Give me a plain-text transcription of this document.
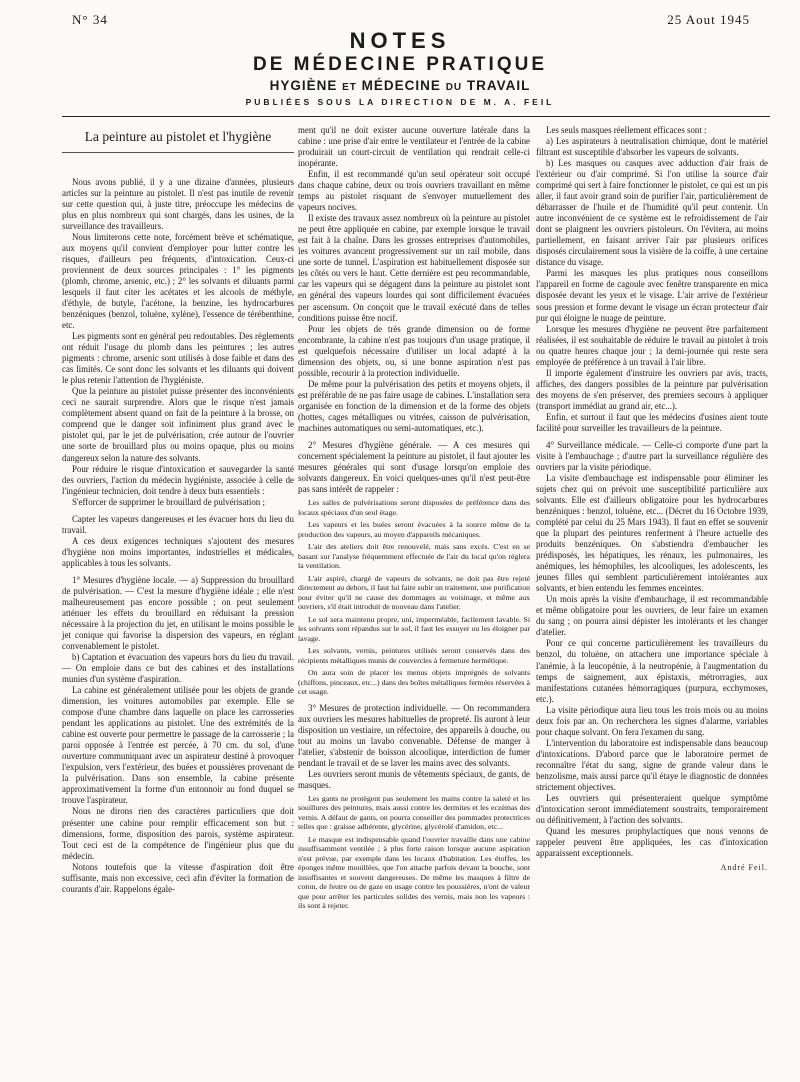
N° 34	25 Aout 1945
NOTES
DE MÉDECINE PRATIQUE
HYGIÈNE ET MÉDECINE DU TRAVAIL
PUBLIÉES SOUS LA DIRECTION DE M. A. FEIL
La peinture au pistolet et l'hygiène

Nous avons publié, il y a une dizaine d'années, plusieurs articles sur la peinture au pistolet. Il n'est pas inutile de revenir sur cette question qui, à juste titre, préoccupe les médecins de plus en plus nombreux qui sont chargés, dans les usines, de la surveillance des travailleurs.

Nous limiterons cette note, forcément brève et schématique, aux moyens qu'il convient d'employer pour lutter contre les risques, d'ailleurs peu fréquents, d'intoxication. Ceux-ci proviennent de deux sources principales : 1° les pigments (plomb, chrome, arsenic, etc.) ; 2° les solvants et diluants parmi lesquels il faut citer les acétates et les alcools de méthyle, d'éthyle, de butyle, l'acétone, la benzine, les hydrocarbures benzéniques (benzol, toluène, xylène), l'essence de térébenthine, etc.

Les pigments sont en général peu redoutables. Des règlements ont réduit l'usage du plomb dans les peintures ; les autres pigments : chrome, arsenic sont utilisés à dose faible et dans des cas limités. Ce sont donc les solvants et les diluants qui doivent le plus retenir l'attention de l'hygiéniste.

Que la peinture au pistolet puisse présenter des inconvénients ceci ne saurait surprendre. Alors que le risque n'est jamais complètement absent quand on fait de la peinture à la brosse, on comprend que le danger soit infiniment plus grand avec le pistolet qui, par le jet de pulvérisation, crée autour de l'ouvrier une sorte de brouillard plus ou moins opaque, plus ou moins dangereux selon la nature des solvants.

Pour réduire le risque d'intoxication et sauvegarder la santé des ouvriers, l'action du médecin hygiéniste, associée à celle de l'ingénieur technicien, doit tendre à deux buts essentiels :

S'efforcer de supprimer le brouillard de pulvérisation ;

Capter les vapeurs dangereuses et les évacuer hors du lieu du travail.

A ces deux exigences techniques s'ajoutent des mesures d'hygiène non moins importantes, industrielles et médicales, applicables à tous les solvants.

1° Mesures d'hygiène locale. — a) Suppression du brouillard de pulvérisation. — C'est la mesure d'hygiène idéale ; elle n'est malheureusement pas encore possible ; on peut seulement atténuer les effets du brouillard en réduisant la pression nécessaire à la projection du jet, en utilisant le moins possible le jet conique qui favorise la dispersion des vapeurs, en réglant convenablement le pistolet.

b) Captation et évacuation des vapeurs hors du lieu du travail. — On emploie dans ce but des cabines et des installations munies d'un système d'aspiration.

La cabine est généralement utilisée pour les objets de grande dimension, les voitures automobiles par exemple. Elle se compose d'une chambre dans laquelle on place les carrosseries pendant les applications au pistolet. Une des extrémités de la cabine est ouverte pour permettre le passage de la carrosserie ; la paroi opposée à l'entrée est percée, à 70 cm. du sol, d'une ouverture communiquant avec un aspirateur destiné à provoquer l'expulsion, vers l'extérieur, des buées et poussières provenant de la pulvérisation. Dans son ensemble, la cabine présente approximativement la forme d'un entonnoir au fond duquel se trouve l'aspirateur.

Nous ne dirons rien des caractères particuliers que doit présenter une cabine pour remplir efficacement son but : dimensions, forme, disposition des parois, système aspirateur. Tout ceci est de la compétence de l'ingénieur plus que du médecin.

Notons toutefois que la vitesse d'aspiration doit être suffisante, mais non excessive, ceci afin d'éviter la formation de courants d'air. Rappelons égale-

ment qu'il ne doit exister aucune ouverture latérale dans la cabine : une prise d'air entre le ventilateur et l'entrée de la cabine produirait un court-circuit de ventilation qui rendrait celle-ci inopérante.

Enfin, il est recommandé qu'un seul opérateur soit occupé dans chaque cabine, deux ou trois ouvriers travaillant en même temps au pistolet risquant de s'envoyer mutuellement des vapeurs nocives.

Il existe des travaux assez nombreux où la peinture au pistolet ne peut être appliquée en cabine, par exemple lorsque le travail est fait à la chaîne. Dans les grosses entreprises d'automobiles, les voitures avancent progressivement sur un rail mobile, dans une sorte de tunnel. L'aspiration est habituellement disposée sur les côtés ou vers le haut. Cette dernière est peu recommandable, car les vapeurs qui se dégagent dans la peinture au pistolet sont en général des vapeurs lourdes qui sont difficilement évacuées per ascensum. On conçoit que le travail exécuté dans de telles conditions puisse être nocif.

Pour les objets de très grande dimension ou de forme encombrante, la cabine n'est pas toujours d'un usage pratique, il est quelquefois nécessaire d'utiliser un local adapté à la dimension des objets, ou, si une bonne aspiration n'est pas possible, recourir à la protection individuelle.

De même pour la pulvérisation des petits et moyens objets, il est préférable de ne pas faire usage de cabines. L'installation sera organisée en fonction de la dimension et de la forme des objets (hottes, cages métalliques ou vitrées, caisson de pulvérisation, machines automatiques ou semi-automatiques, etc.).

2° Mesures d'hygiène générale. — A ces mesures qui concernent spécialement la peinture au pistolet, il faut ajouter les mesures générales qui sont d'usage lorsqu'on emploie des solvants dangereux. En voici quelques-unes qu'il n'est peut-être pas sans intérêt de rappeler :

Les salles de pulvérisations seront disposées de préférence dans des locaux spéciaux d'un seul étage.

Les vapeurs et les buées seront évacuées à la source même de la production des vapeurs, au moyen d'appareils mécaniques.

L'air des ateliers doit être renouvelé, mais sans excès. C'est en se basant sur l'analyse fréquemment effectuée de l'air du local qu'on réglera la ventilation.

L'air aspiré, chargé de vapeurs de solvants, ne doit pas être rejeté directement au dehors, il faut lui faire subir un traitement, une purification pour éviter qu'il ne cause des dommages au voisinage, et même aux ouvriers, s'il était introduit de nouveau dans l'atelier.

Le sol sera maintenu propre, uni, imperméable, facilement lavable. Si les solvants sont répandus sur le sol, il faut les essuyer ou les éloigner par lavage.

Les solvants, vernis, peintures utilisés seront conservés dans des récipients métalliques munis de couvercles à fermeture hermétique.

On aura soin de placer les menus objets imprégnés de solvants (chiffons, pinceaux, etc...) dans des boîtes métalliques fermées réservées à cet usage.

3° Mesures de protection individuelle. — On recommandera aux ouvriers les mesures habituelles de propreté. Ils auront à leur disposition un vestiaire, un réfectoire, des appareils à douche, ou tout au moins un lavabo convenable. Défense de manger à l'atelier, s'abstenir de boisson alcoolique, interdiction de fumer pendant le travail et de se laver les mains avec des solvants.

Les ouvriers seront munis de vêtements spéciaux, de gants, de masques.

Les gants ne protègent pas seulement les mains contre la saleté et les souillures des peintures, mais aussi contre les dermites et les eczémas des vernis. A défaut de gants, on pourra conseiller des pommades protectrices telles que : graisse adhérente, glycérine, glycérolé d'amidon, etc...

Le masque est indispensable quand l'ouvrier travaille dans une cabine insuffisamment ventilée ; à plus forte raison lorsque aucune aspiration n'est prévue, par exemple dans les locaux d'habitation. Les étoffes, les éponges même mouillées, que l'on attache parfois devant la bouche, sont insuffisantes et souvent dangereuses. De même les masques à filtre de coton, de feutre ou de gaze en usage contre les poussières, n'ont de valeur que pour arrêter les particules solides des vernis, mais non les vapeurs : ils sont à rejeter.

Les seuls masques réellement efficaces sont :

a) Les aspirateurs à neutralisation chimique, dont le matériel filtrant est susceptible d'absorber les vapeurs de solvants.

b) Les masques ou casques avec adduction d'air frais de l'extérieur ou d'air comprimé. Si l'on utilise la source d'air comprimé qui sert à faire fonctionner le pistolet, ce qui est un pis aller, il faut avoir grand soin de purifier l'air, particulièrement de débarrasser de l'huile et de l'humidité qu'il peut contenir. Un autre inconvénient de ce système est le refroidissement de l'air dont se plaignent les ouvriers pistoleurs. On l'évitera, au moins partiellement, en faisant arriver l'air par plusieurs orifices disposés circulairement sous la visière de la coiffe, à une certaine distance du visage.

Parmi les masques les plus pratiques nous conseillons l'appareil en forme de cagoule avec fenêtre transparente en mica disposée devant les yeux et le visage. L'air arrive de l'extérieur sous pression et forme devant le visage un écran protecteur d'air pur qui éloigne le nuage de peinture.

Lorsque les mesures d'hygiène ne peuvent être parfaitement réalisées, il est souhaitable de réduire le travail au pistolet à trois ou quatre heures chaque jour ; la demi-journée qui reste sera employée de préférence à un travail à l'air libre.

Il importe également d'instruire les ouvriers par avis, tracts, affiches, des dangers possibles de la peinture par pulvérisation des moyens de s'en préserver, des premiers secours à appliquer (transport immédiat au grand air, etc...).

Enfin, et surtout il faut que les médecins d'usines aient toute facilité pour surveiller les travailleurs de la peinture.

4° Surveillance médicale. — Celle-ci comporte d'une part la visite à l'embauchage ; d'autre part la surveillance régulière des ouvriers par la visite périodique.

La visite d'embauchage est indispensable pour éliminer les sujets chez qui on prévoit une susceptibilité particulière aux solvants. Elle est d'ailleurs obligatoire pour les hydrocarbures benzéniques : benzol, toluène, etc... (Décret du 16 Octobre 1939, complété par celui du 25 Mars 1943). Il faut en effet se souvenir que la plupart des peintures renferment à l'heure actuelle des produits benzéniques. On s'abstiendra d'embaucher les prédisposés, les hépatiques, les rénaux, les pulmonaires, les anémiques, les hémophiles, les alcooliques, les adolescents, les jeunes filles qui semblent particulièrement intolérantes aux solvants, et bien entendu les femmes enceintes.

Un mois après la visite d'embauchage, il est recommandable et même obligatoire pour les ouvriers, de leur faire un examen du sang ; on pourra ainsi dépister les intolérants et les changer d'atelier.

Pour ce qui concerne particulièrement les travailleurs du benzol, du toluène, on attachera une importance spéciale à l'anémie, à la leucopénie, à la neutropénie, à l'augmentation du temps de saignement, aux épistaxis, métrorragies, aux manifestations cutanées hémorragiques (purpura, ecchymoses, etc.).

La visite périodique aura lieu tous les trois mois ou au moins deux fois par an. On recherchera les signes d'alarme, variables pour chaque solvant. On fera l'examen du sang.

L'intervention du laboratoire est indispensable dans beaucoup d'intoxications. D'abord parce que le laboratoire permet de reconnaître l'état du sang, signe de grande valeur dans le benzolisme, mais aussi parce qu'il étaye le diagnostic de données strictement objectives.

Les ouvriers qui présenteraient quelque symptôme d'intoxication seront immédiatement soustraits, temporairement ou définitivement, à l'action des solvants.

Quand les mesures prophylactiques que nous venons de rappeler peuvent être appliquées, les cas d'intoxication apparaissent exceptionnels.

André Feil.
